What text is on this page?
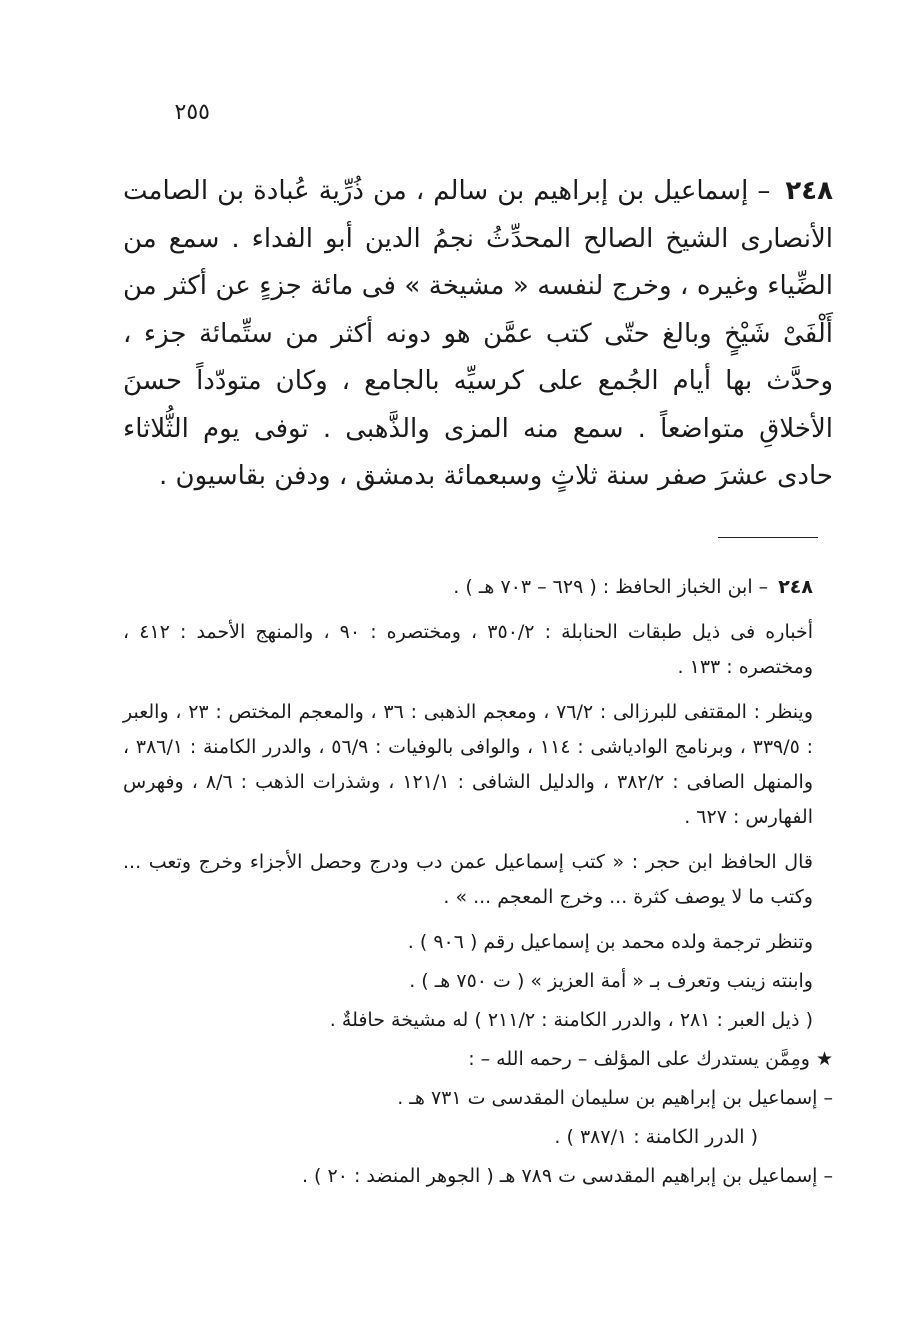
٢٥٥
٢٤٨ – إسماعيل بن إبراهيم بن سالم ، من ذُرِّية عُبادة بن الصامت الأنصارى الشيخ الصالح المحدِّثُ نجمُ الدين أبو الفداء . سمع من الضِّياء وغيره ، وخرج لنفسه « مشيخة » فى مائة جزءٍ عن أكثر من أَلْفَىْ شَيْخٍ وبالغ حتّى كتب عمَّن هو دونه أكثر من ستِّمائة جزء ، وحدَّث بها أيام الجُمع على كرسيِّه بالجامع ، وكان متودّداً حسنَ الأخلاقِ متواضعاً . سمع منه المزى والذَّهبى . توفى يوم الثُّلاثاء حادى عشرَ صفر سنة ثلاثٍ وسبعمائة بدمشق ، ودفن بقاسيون .

٢٤٨ – ابن الخباز الحافظ : ( ٦٢٩ – ٧٠٣ هـ ) .

أخباره فى ذيل طبقات الحنابلة : ٣٥٠/٢ ، ومختصره : ٩٠ ، والمنهج الأحمد : ٤١٢ ، ومختصره : ١٣٣ .

وينظر : المقتفى للبرزالى : ٧٦/٢ ، ومعجم الذهبى : ٣٦ ، والمعجم المختص : ٢٣ ، والعبر : ٣٣٩/٥ ، وبرنامج الوادياشى : ١١٤ ، والوافى بالوفيات : ٥٦/٩ ، والدرر الكامنة : ٣٨٦/١ ، والمنهل الصافى : ٣٨٢/٢ ، والدليل الشافى : ١٢١/١ ، وشذرات الذهب : ٨/٦ ، وفهرس الفهارس : ٦٢٧ .

قال الحافظ ابن حجر : « كتب إسماعيل عمن دب ودرج وحصل الأجزاء وخرج وتعب ... وكتب ما لا يوصف كثرة ... وخرج المعجم ... » .

وتنظر ترجمة ولده محمد بن إسماعيل رقم ( ٩٠٦ ) .

وابنته زينب وتعرف بـ « أمة العزيز » ( ت ٧٥٠ هـ ) .

( ذيل العبر : ٢٨١ ، والدرر الكامنة : ٢١١/٢ ) له مشيخة حافلةٌ .

★ ومِمَّن يستدرك على المؤلف – رحمه الله – :

– إسماعيل بن إبراهيم بن سليمان المقدسى ت ٧٣١ هـ .

( الدرر الكامنة : ٣٨٧/١ ) .

– إسماعيل بن إبراهيم المقدسى ت ٧٨٩ هـ ( الجوهر المنضد : ٢٠ ) .
